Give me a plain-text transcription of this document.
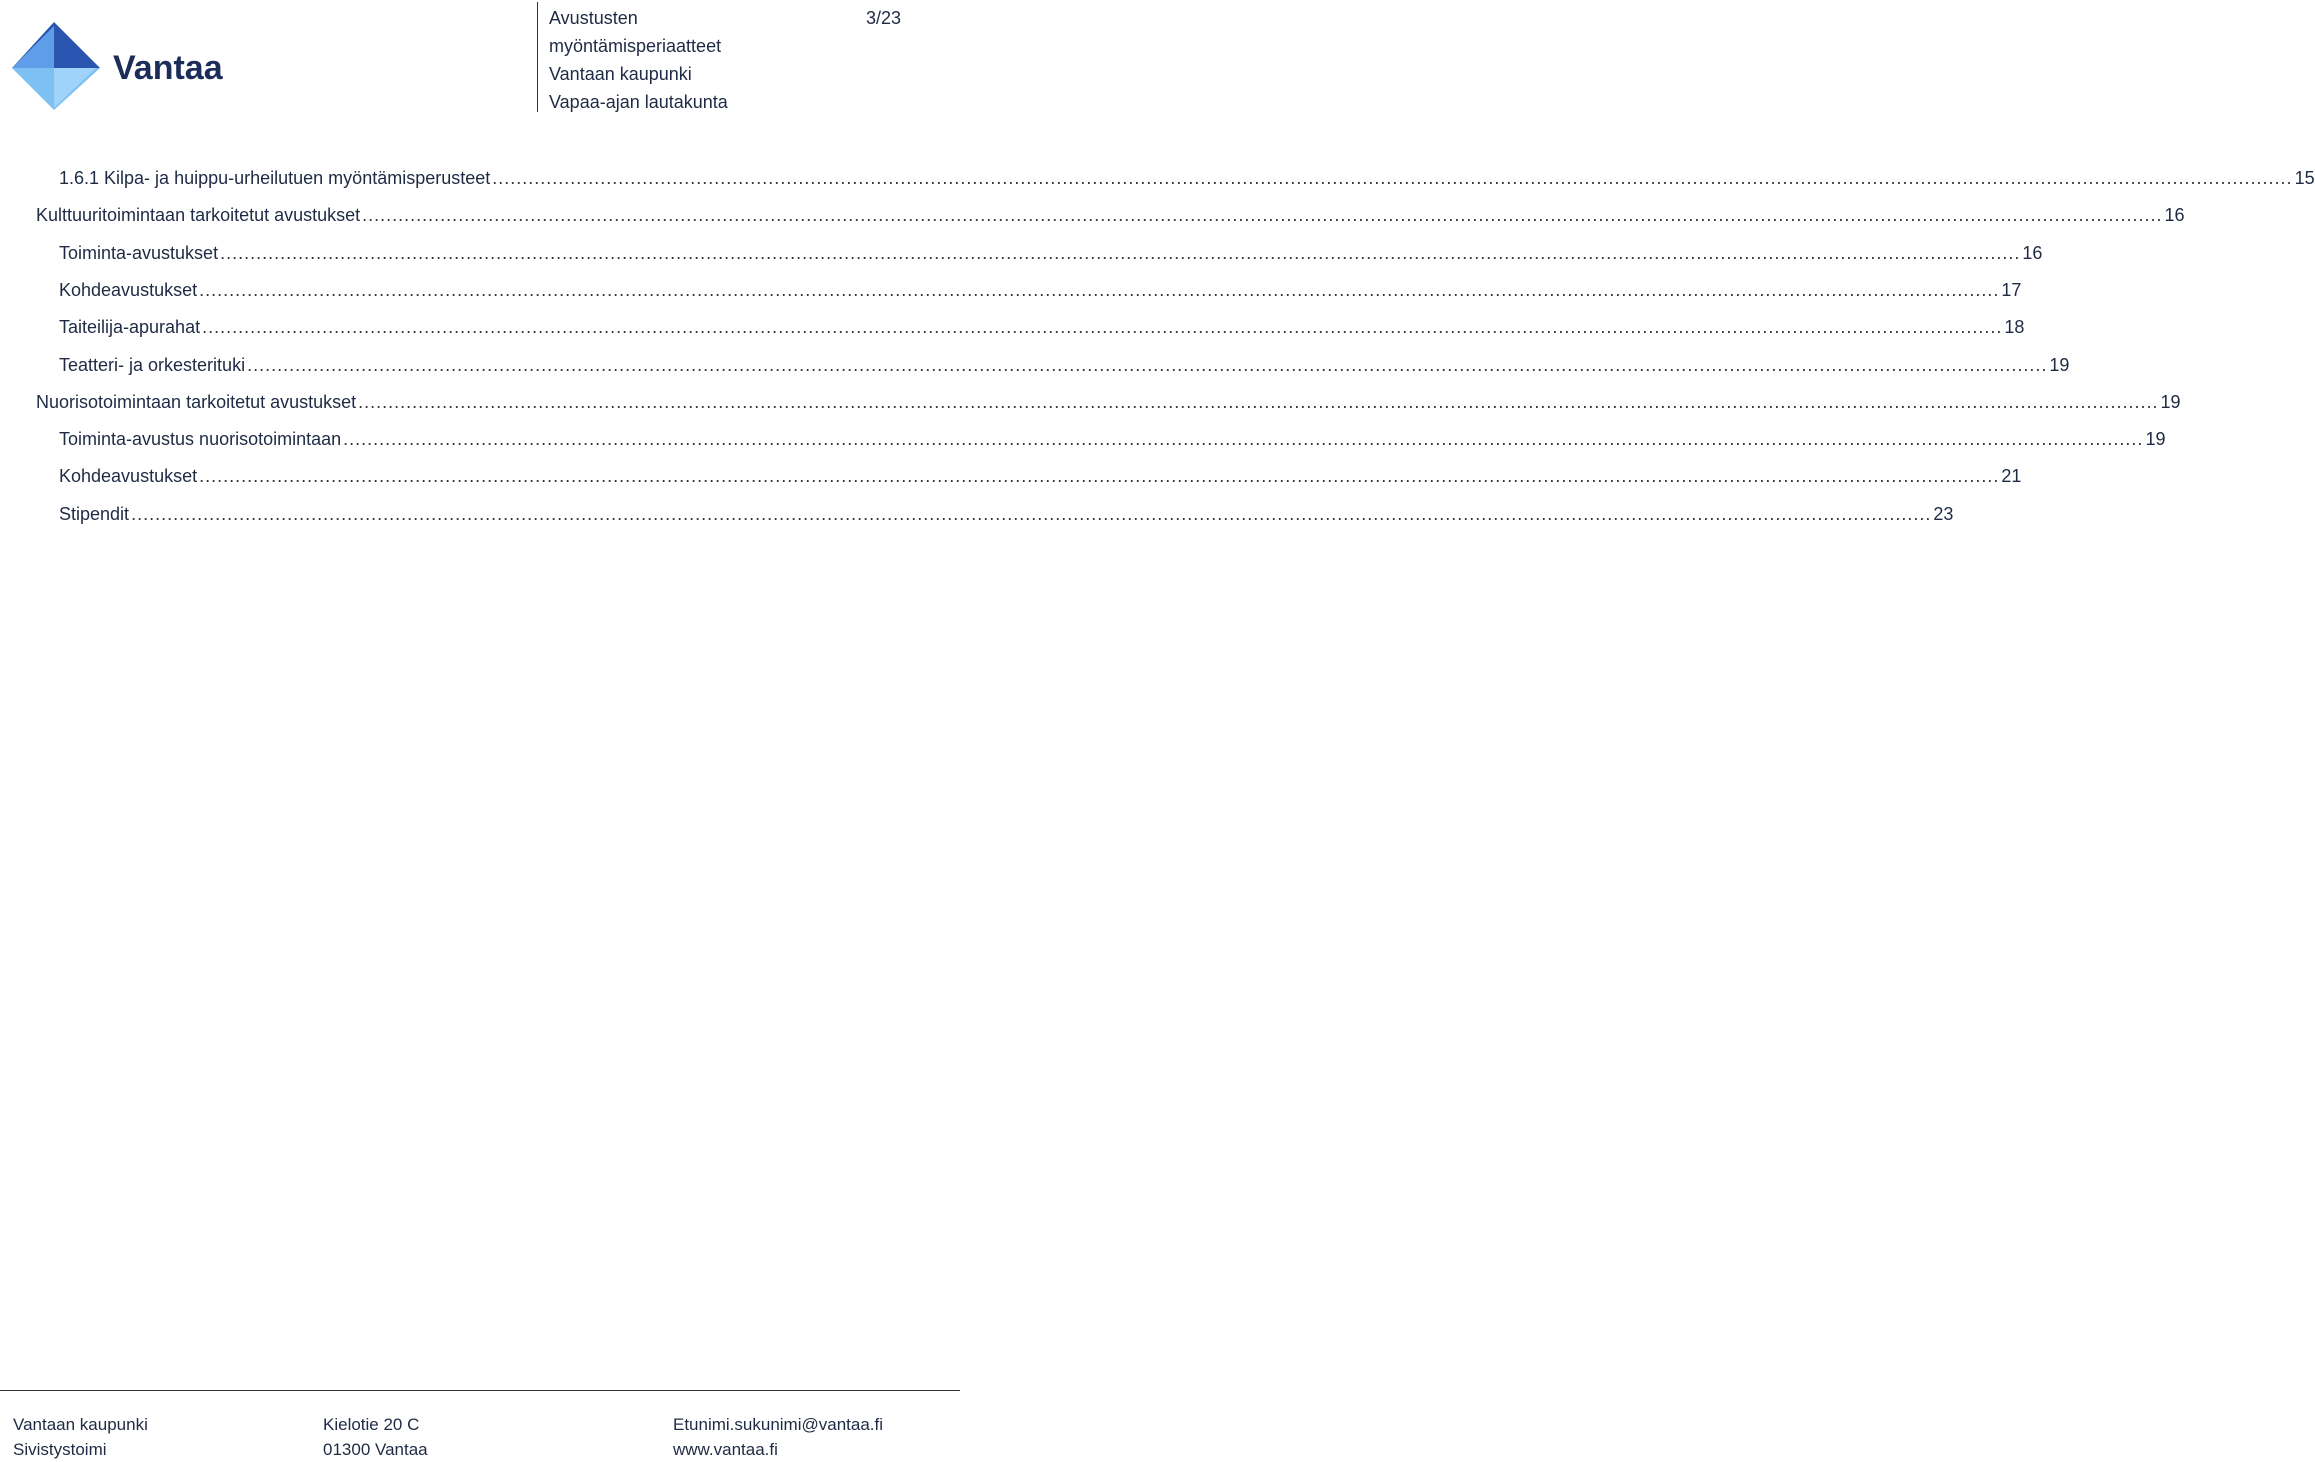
Vantaa
Avustusten
myöntämisperiaatteet
Vantaan kaupunki
Vapaa-ajan lautakunta
3/23
1.6.1 Kilpa- ja huippu-urheilutuen myöntämisperusteet ............................................................................................................................................................................................................................................................................................................ 15
Kulttuuritoimintaan tarkoitetut avustukset ............................................................................................................................................................................................................................................................................................................ 16
Toiminta-avustukset ............................................................................................................................................................................................................................................................................................................ 16
Kohdeavustukset ............................................................................................................................................................................................................................................................................................................ 17
Taiteilija-apurahat ............................................................................................................................................................................................................................................................................................................ 18
Teatteri- ja orkesterituki ............................................................................................................................................................................................................................................................................................................ 19
Nuorisotoimintaan tarkoitetut avustukset ............................................................................................................................................................................................................................................................................................................ 19
Toiminta-avustus nuorisotoimintaan ............................................................................................................................................................................................................................................................................................................ 19
Kohdeavustukset ............................................................................................................................................................................................................................................................................................................ 21
Stipendit ............................................................................................................................................................................................................................................................................................................ 23
Vantaan kaupunki
Sivistystoimi
Kielotie 20 C
01300 Vantaa
Etunimi.sukunimi@vantaa.fi
www.vantaa.fi
